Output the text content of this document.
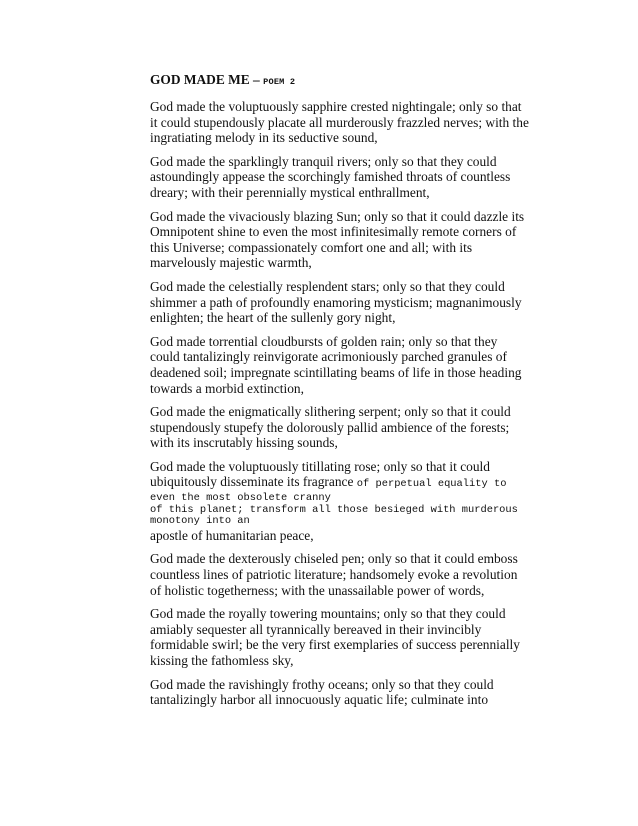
GOD MADE ME – POEM 2

God made the voluptuously sapphire crested nightingale; only so that it could stupendously placate all murderously frazzled nerves; with the ingratiating melody in its seductive sound,

God made the sparklingly tranquil rivers; only so that they could astoundingly appease the scorchingly famished throats of countless dreary; with their perennially mystical enthrallment,

God made the vivaciously blazing Sun; only so that it could dazzle its Omnipotent shine to even the most infinitesimally remote corners of this Universe; compassionately comfort one and all; with its marvelously majestic warmth,

God made the celestially resplendent stars; only so that they could shimmer a path of profoundly enamoring mysticism; magnanimously enlighten; the heart of the sullenly gory night,

God made torrential cloudbursts of golden rain; only so that they could tantalizingly reinvigorate acrimoniously parched granules of deadened soil; impregnate scintillating beams of life in those heading towards a morbid extinction,

God made the enigmatically slithering serpent; only so that it could stupendously stupefy the dolorously pallid ambience of the forests; with its inscrutably hissing sounds,

God made the voluptuously titillating rose; only so that it could ubiquitously disseminate its fragrance of perpetual equality to
even the most obsolete cranny
of this planet; transform all those besieged with murderous
monotony into an
apostle of humanitarian peace,

God made the dexterously chiseled pen; only so that it could emboss countless lines of patriotic literature; handsomely evoke a revolution of holistic togetherness; with the unassailable power of words,

God made the royally towering mountains; only so that they could amiably sequester all tyrannically bereaved in their invincibly formidable swirl; be the very first exemplaries of success perennially kissing the fathomless sky,

God made the ravishingly frothy oceans; only so that they could tantalizingly harbor all innocuously aquatic life; culminate into
